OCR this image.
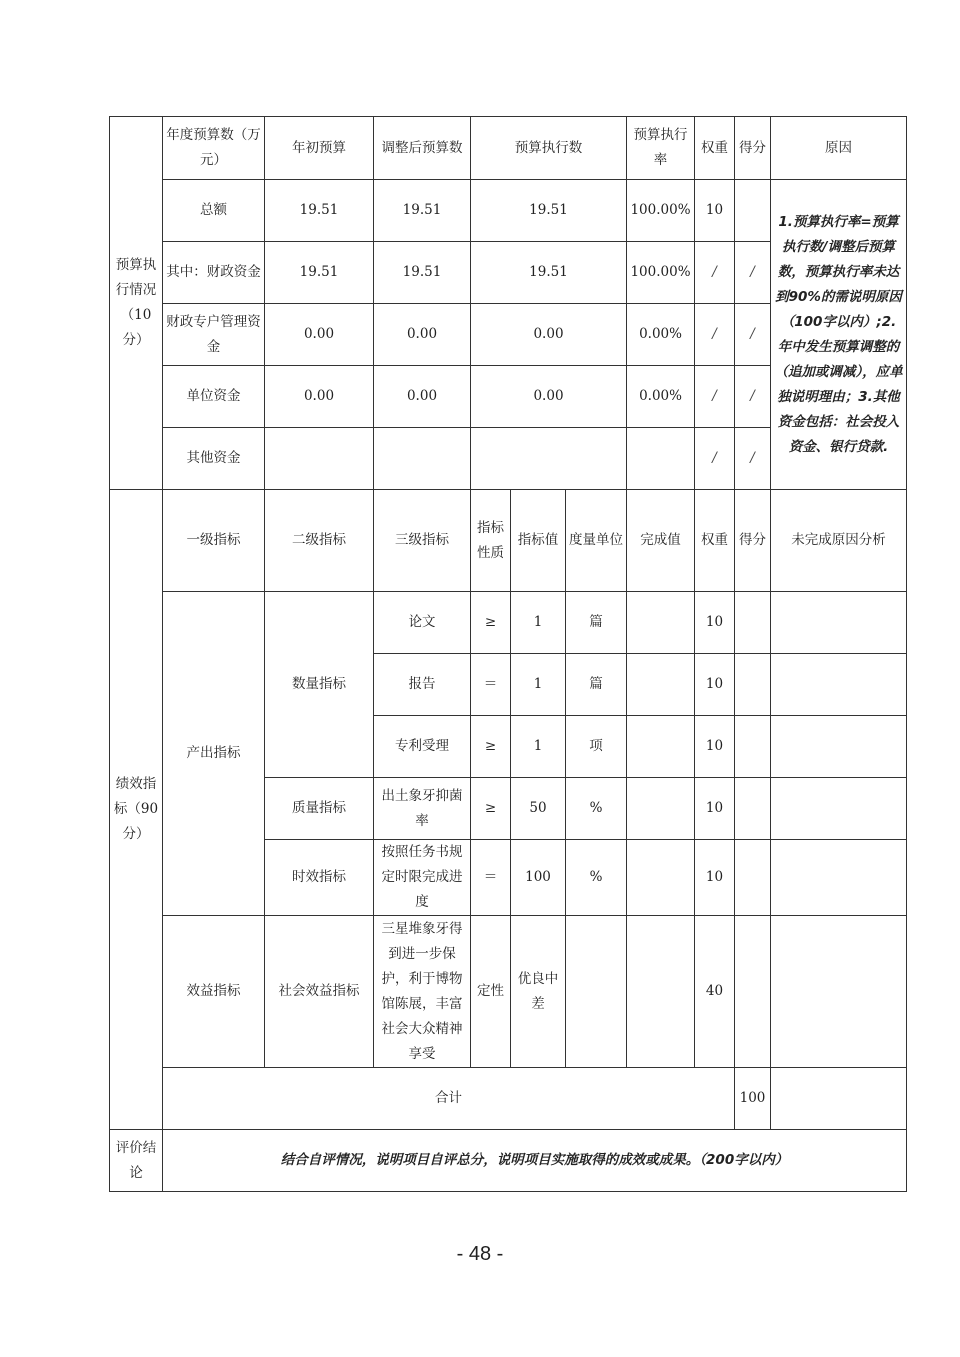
预算执行情况（10分）	年度预算数（万元）	年初预算	调整后预算数	预算执行数			预算执行率	权重	得分	原因	
	总额	19.51	19.51	19.51			100.00%	10		1.预算执行率=预算执行数/调整后预算数，预算执行率未达到90%的需说明原因（100字以内）;2.年中发生预算调整的（追加或调减），应单独说明理由；3.其他资金包括：社会投入资金、银行贷款.	
	其中：财政资金	19.51	19.51	19.51			100.00%	/	/		
	财政专户管理资金	0.00	0.00	0.00			0.00%	/	/		
	单位资金	0.00	0.00	0.00			0.00%	/	/		
	其他资金							/	/		
绩效指标（90分）	一级指标	二级指标	三级指标	指标性质	指标值	度量单位	完成值	权重	得分	未完成原因分析	
	产出指标	数量指标	论文	≥	1	篇		10			
			报告	＝	1	篇		10			
			专利受理	≥	1	项		10			
		质量指标	出土象牙抑菌率	≥	50	%		10			
		时效指标	按照任务书规定时限完成进度	＝	100	%		10			
	效益指标	社会效益指标	三星堆象牙得到进一步保护，利于博物馆陈展，丰富社会大众精神享受	定性	优良中差			40			
	合计								100		
评价结论	结合自评情况，说明项目自评总分，说明项目实施取得的成效或成果。（200字以内）										
- 48 -
